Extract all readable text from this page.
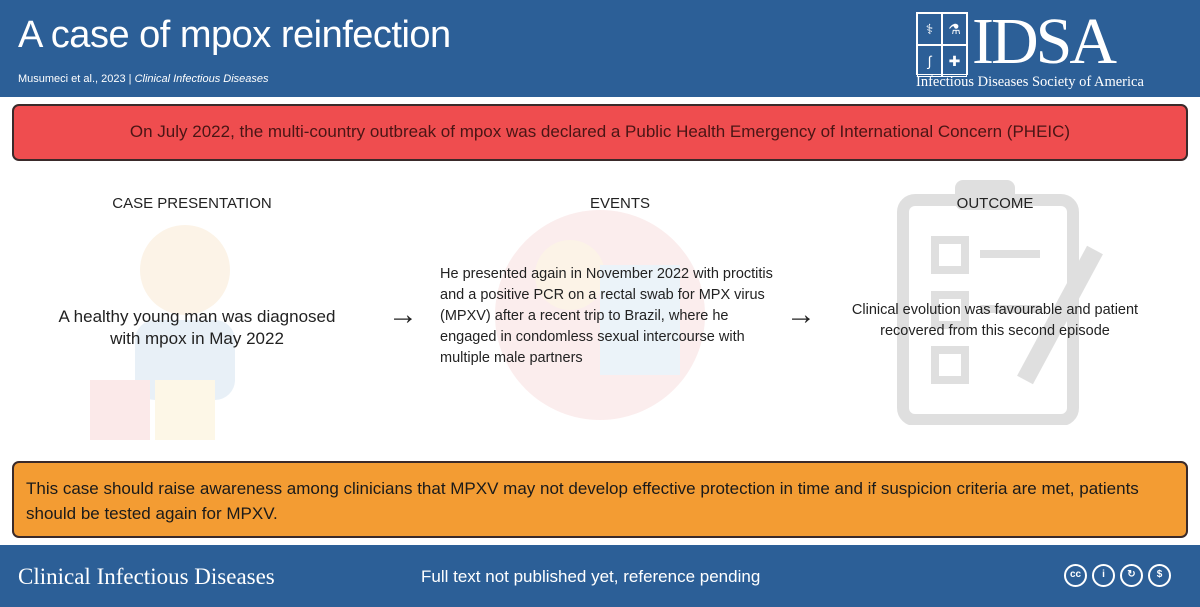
A case of mpox reinfection
Musumeci et al., 2023 | Clinical Infectious Diseases
⚕	⚗
∫	✚ IDSA
Infectious Diseases Society of America
On July 2022, the multi-country outbreak of mpox was declared a Public Health Emergency of International Concern (PHEIC)
CASE PRESENTATION
A healthy young man was diagnosed with mpox in May 2022
→
EVENTS
He presented again in November 2022 with proctitis and a positive PCR on a rectal swab for MPX virus (MPXV) after a recent trip to Brazil, where he engaged in condomless sexual intercourse with multiple male partners
→
OUTCOME
Clinical evolution was favourable and patient recovered from this second episode
This case should raise awareness among clinicians that MPXV may not develop effective protection in time and if suspicion criteria are met, patients should be tested again for MPXV.
Clinical Infectious Diseases	Full text not published yet, reference pending	cc	i	↻	$
